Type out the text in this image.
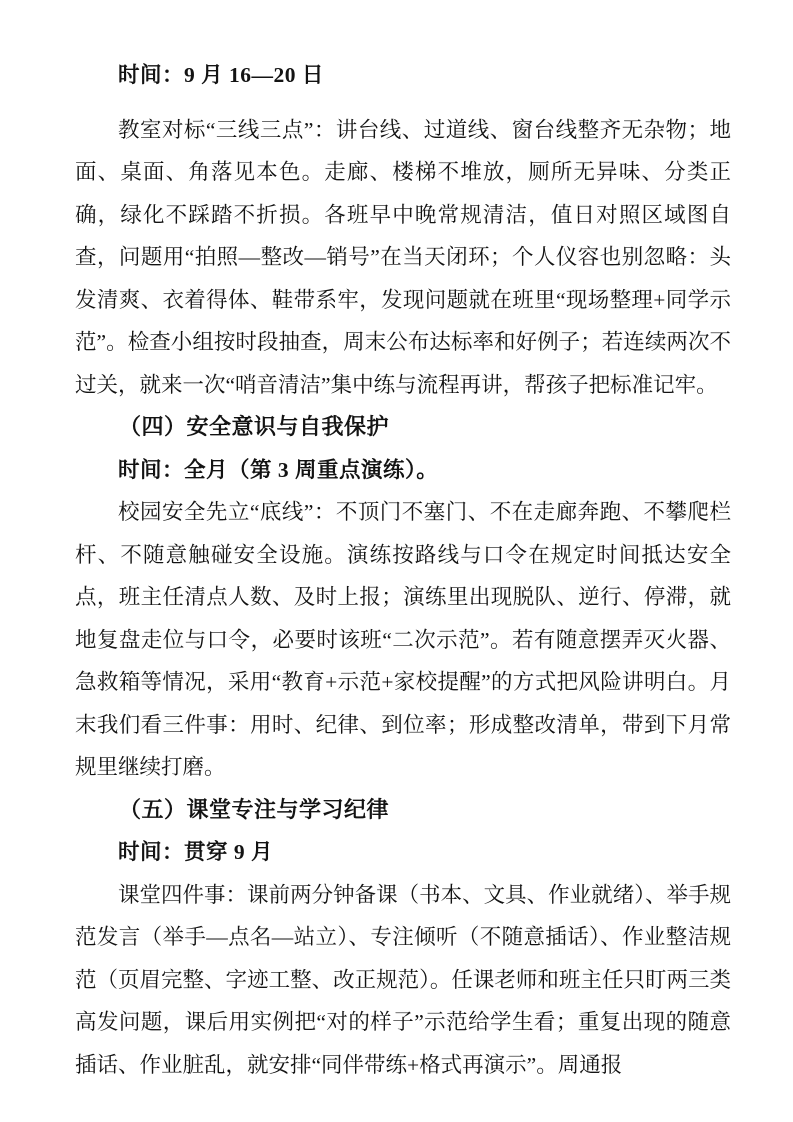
时间：9 月 16—20 日

教室对标“三线三点”：讲台线、过道线、窗台线整齐无杂物；地面、桌面、角落见本色。走廊、楼梯不堆放，厕所无异味、分类正确，绿化不踩踏不折损。各班早中晚常规清洁，值日对照区域图自查，问题用“拍照—整改—销号”在当天闭环；个人仪容也别忽略：头发清爽、衣着得体、鞋带系牢，发现问题就在班里“现场整理+同学示范”。检查小组按时段抽查，周末公布达标率和好例子；若连续两次不过关，就来一次“哨音清洁”集中练与流程再讲，帮孩子把标准记牢。

（四）安全意识与自我保护

时间：全月（第 3 周重点演练）。

校园安全先立“底线”：不顶门不塞门、不在走廊奔跑、不攀爬栏杆、不随意触碰安全设施。演练按路线与口令在规定时间抵达安全点，班主任清点人数、及时上报；演练里出现脱队、逆行、停滞，就地复盘走位与口令，必要时该班“二次示范”。若有随意摆弄灭火器、急救箱等情况，采用“教育+示范+家校提醒”的方式把风险讲明白。月末我们看三件事：用时、纪律、到位率；形成整改清单，带到下月常规里继续打磨。

（五）课堂专注与学习纪律

时间：贯穿 9 月

课堂四件事：课前两分钟备课（书本、文具、作业就绪）、举手规范发言（举手—点名—站立）、专注倾听（不随意插话）、作业整洁规范（页眉完整、字迹工整、改正规范）。任课老师和班主任只盯两三类高发问题，课后用实例把“对的样子”示范给学生看；重复出现的随意插话、作业脏乱，就安排“同伴带练+格式再演示”。周通报
